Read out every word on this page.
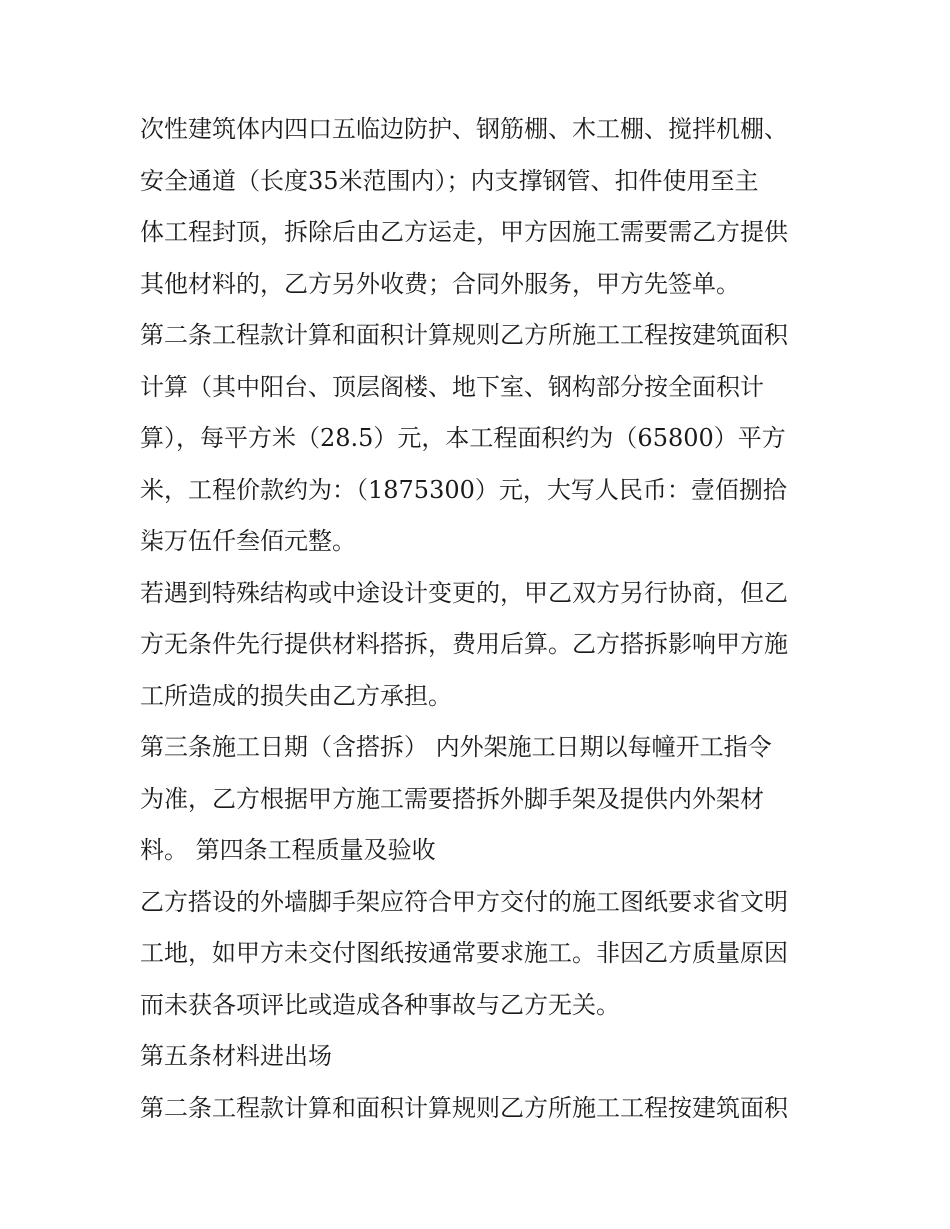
次性建筑体内四口五临边防护、钢筋棚、木工棚、搅拌机棚、
安全通道（长度35米范围内）；内支撑钢管、扣件使用至主
体工程封顶，拆除后由乙方运走，甲方因施工需要需乙方提供
其他材料的，乙方另外收费；合同外服务，甲方先签单。
第二条工程款计算和面积计算规则乙方所施工工程按建筑面积
计算（其中阳台、顶层阁楼、地下室、钢构部分按全面积计
算），每平方米（28.5）元，本工程面积约为（65800）平方
米，工程价款约为：（1875300）元，大写人民币：壹佰捌拾
柒万伍仟叁佰元整。
若遇到特殊结构或中途设计变更的，甲乙双方另行协商，但乙
方无条件先行提供材料搭拆，费用后算。乙方搭拆影响甲方施
工所造成的损失由乙方承担。
第三条施工日期（含搭拆） 内外架施工日期以每幢开工指令
为准，乙方根据甲方施工需要搭拆外脚手架及提供内外架材
料。 第四条工程质量及验收
乙方搭设的外墙脚手架应符合甲方交付的施工图纸要求省文明
工地，如甲方未交付图纸按通常要求施工。非因乙方质量原因
而未获各项评比或造成各种事故与乙方无关。
第五条材料进出场
第二条工程款计算和面积计算规则乙方所施工工程按建筑面积
